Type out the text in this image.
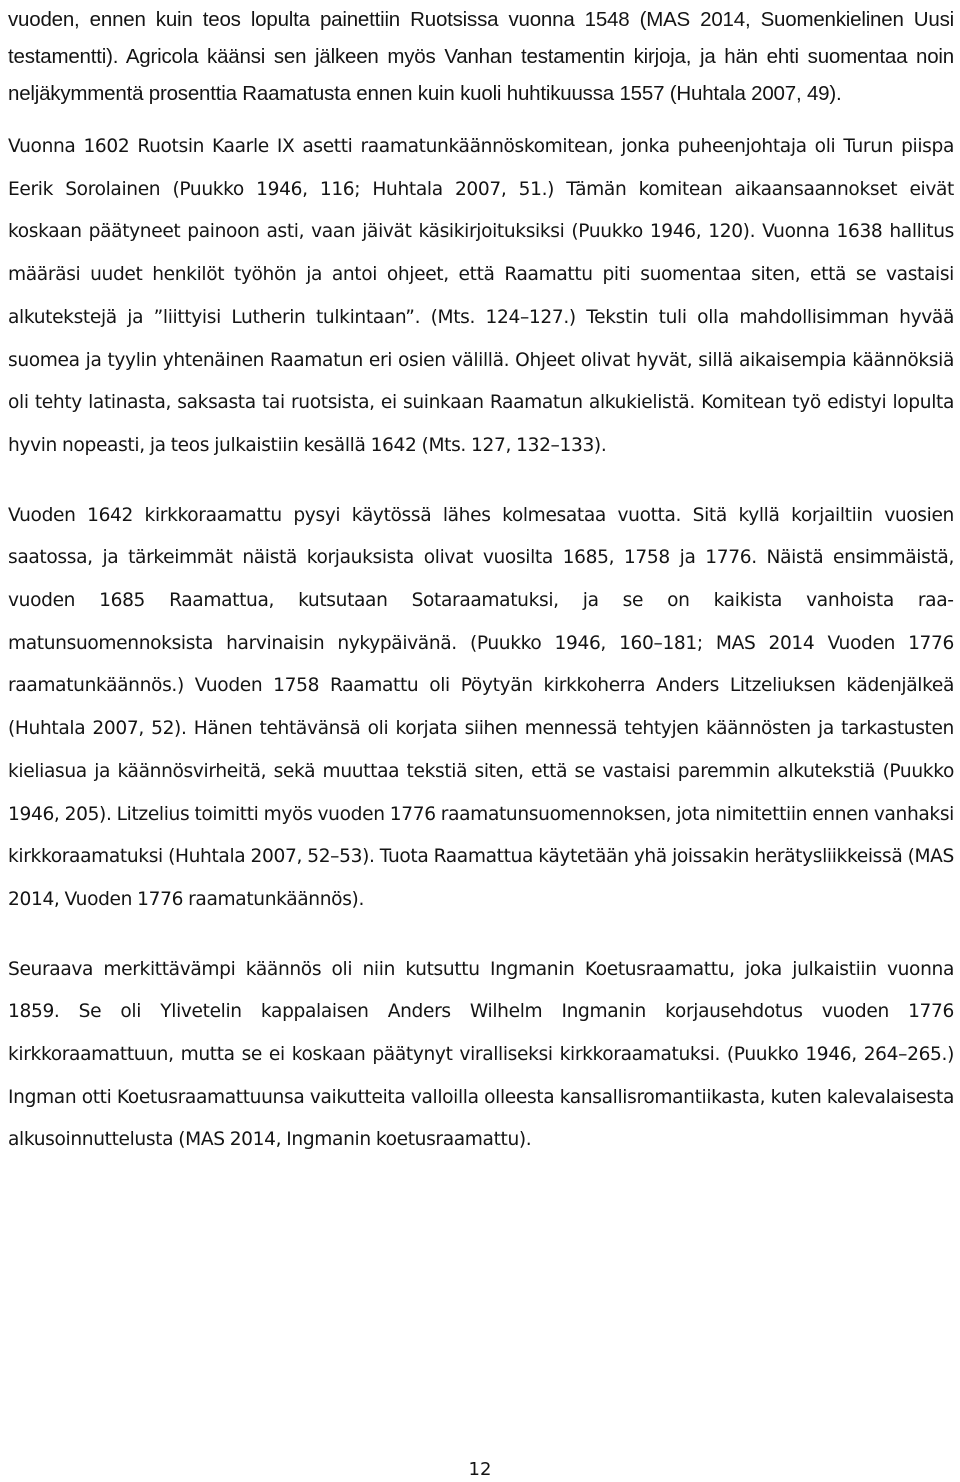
vuoden, ennen kuin teos lopulta painettiin Ruotsissa vuonna 1548 (MAS 2014, Suomenkielinen Uusi testamentti). Agricola käänsi sen jälkeen myös Vanhan testamentin kirjoja, ja hän ehti suomentaa noin neljäkymmentä prosenttia Raamatusta ennen kuin kuoli huhtikuussa 1557 (Huhtala 2007, 49).

Vuonna 1602 Ruotsin Kaarle IX asetti raamatunkäännöskomitean, jonka puheenjohtaja oli Turun piispa Eerik Sorolainen (Puukko 1946, 116; Huhtala 2007, 51.) Tämän komitean aikaansaannokset eivät koskaan päätyneet painoon asti, vaan jäivät käsikirjoituksiksi (Puukko 1946, 120). Vuonna 1638 hallitus määräsi uudet henkilöt työhön ja antoi ohjeet, että Raamattu piti suomentaa siten, että se vastaisi alkutekstejä ja ”liittyisi Lutherin tulkintaan”. (Mts. 124–127.) Tekstin tuli olla mahdollisimman hyvää suomea ja tyylin yhtenäinen Raamatun eri osien välillä. Ohjeet olivat hyvät, sillä aikaisempia käännöksiä oli tehty latinasta, saksasta tai ruotsista, ei suinkaan Raamatun alkukielistä. Komitean työ edistyi lopulta hyvin nopeasti, ja teos julkaistiin kesällä 1642 (Mts. 127, 132–133).

Vuoden 1642 kirkkoraamattu pysyi käytössä lähes kolmesataa vuotta. Sitä kyllä korjailtiin vuosien saatossa, ja tärkeimmät näistä korjauksista olivat vuosilta 1685, 1758 ja 1776. Näistä ensimmäistä, vuoden 1685 Raamattua, kutsutaan Sotaraamatuksi, ja se on kaikista vanhoista raamatunsuomennoksista harvinaisin nykypäivänä. (Puukko 1946, 160–181; MAS 2014 Vuoden 1776 raamatunkäännös.) Vuoden 1758 Raamattu oli Pöytyän kirkkoherra Anders Litzeliuksen kädenjälkeä (Huhtala 2007, 52). Hänen tehtävänsä oli korjata siihen mennessä tehtyjen käännösten ja tarkastusten kieliasua ja käännösvirheitä, sekä muuttaa tekstiä siten, että se vastaisi paremmin alkutekstiä (Puukko 1946, 205). Litzelius toimitti myös vuoden 1776 raamatunsuomennoksen, jota nimitettiin ennen vanhaksi kirkkoraamatuksi (Huhtala 2007, 52–53). Tuota Raamattua käytetään yhä joissakin herätysliikkeissä (MAS 2014, Vuoden 1776 raamatunkäännös).

Seuraava merkittävämpi käännös oli niin kutsuttu Ingmanin Koetusraamattu, joka julkaistiin vuonna 1859. Se oli Ylivetelin kappalaisen Anders Wilhelm Ingmanin korjausehdotus vuoden 1776 kirkkoraamattuun, mutta se ei koskaan päätynyt viralliseksi kirkkoraamatuksi. (Puukko 1946, 264–265.) Ingman otti Koetusraamattuunsa vaikutteita valloilla olleesta kansallisromantiikasta, kuten kalevalaisesta alkusoinnuttelusta (MAS 2014, Ingmanin koetusraamattu).

12
